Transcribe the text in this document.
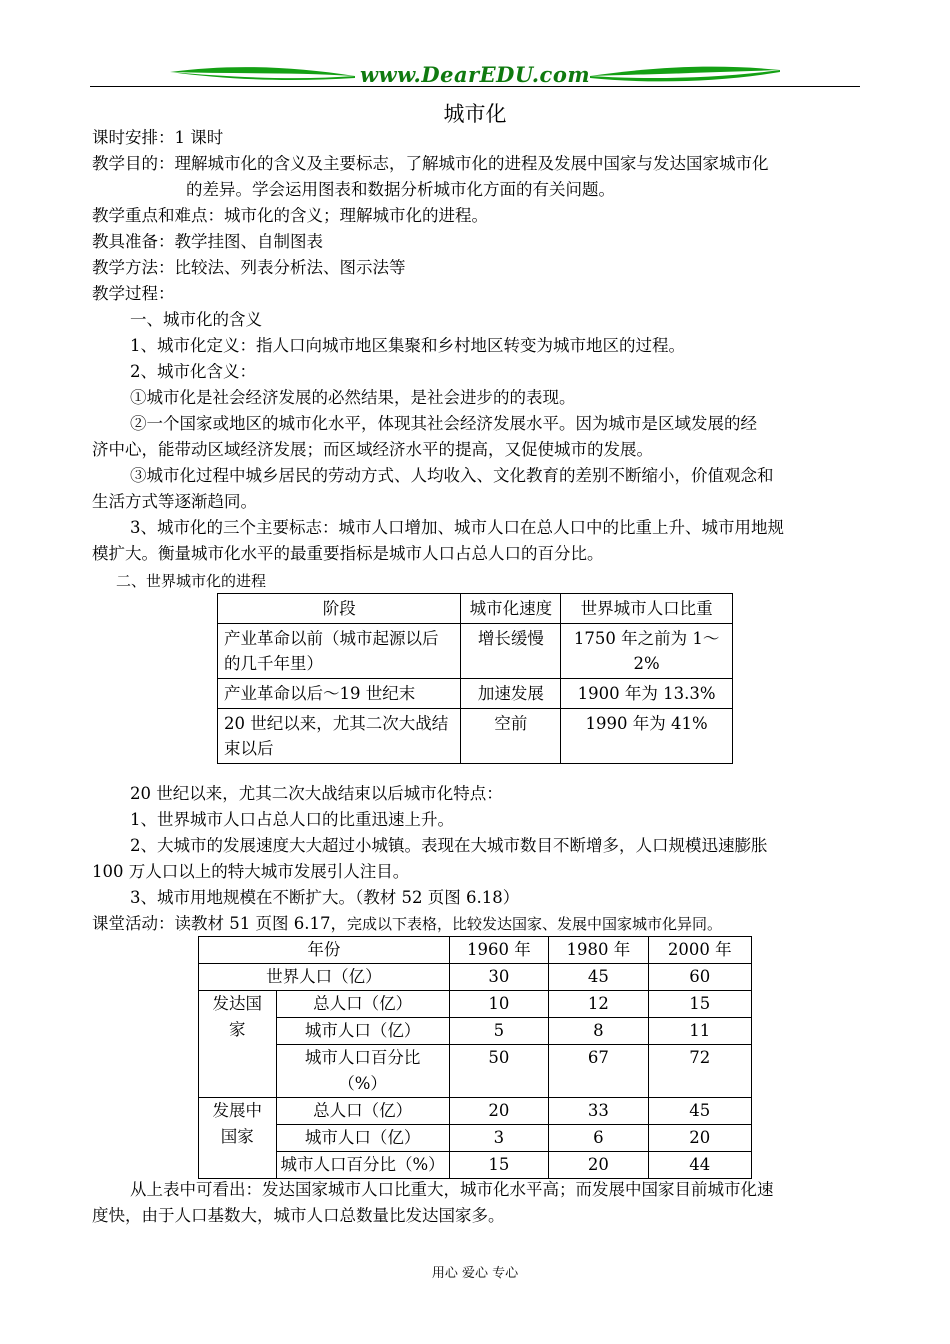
www.DearEDU.com
城市化
课时安排：1 课时
教学目的：理解城市化的含义及主要标志，了解城市化的进程及发展中国家与发达国家城市化
的差异。学会运用图表和数据分析城市化方面的有关问题。
教学重点和难点：城市化的含义；理解城市化的进程。
教具准备：教学挂图、自制图表
教学方法：比较法、列表分析法、图示法等
教学过程：
一、城市化的含义
1、城市化定义：指人口向城市地区集聚和乡村地区转变为城市地区的过程。
2、城市化含义：
①城市化是社会经济发展的必然结果，是社会进步的的表现。
②一个国家或地区的城市化水平，体现其社会经济发展水平。因为城市是区域发展的经
济中心，能带动区域经济发展；而区域经济水平的提高，又促使城市的发展。
③城市化过程中城乡居民的劳动方式、人均收入、文化教育的差别不断缩小，价值观念和
生活方式等逐渐趋同。
3、城市化的三个主要标志：城市人口增加、城市人口在总人口中的比重上升、城市用地规
模扩大。衡量城市化水平的最重要指标是城市人口占总人口的百分比。
二、世界城市化的进程
阶段	城市化速度	世界城市人口比重
产业革命以前（城市起源以后的几千年里）	增长缓慢	1750 年之前为 1～2%
产业革命以后～19 世纪末	加速发展	1900 年为 13.3%
20 世纪以来，尤其二次大战结束以后	空前	1990 年为 41%
20 世纪以来，尤其二次大战结束以后城市化特点：
1、世界城市人口占总人口的比重迅速上升。
2、大城市的发展速度大大超过小城镇。表现在大城市数目不断增多，人口规模迅速膨胀
100 万人口以上的特大城市发展引人注目。
3、城市用地规模在不断扩大。（教材 52 页图 6.18）
课堂活动：读教材 51 页图 6.17，完成以下表格，比较发达国家、发展中国家城市化异同。
年份		1960 年	1980 年	2000 年
世界人口（亿）		30	45	60
发达国家	总人口（亿）	10	12	15
	城市人口（亿）	5	8	11
	城市人口百分比（%）	50	67	72
发展中国家	总人口（亿）	20	33	45
	城市人口（亿）	3	6	20
	城市人口百分比（%）	15	20	44
从上表中可看出：发达国家城市人口比重大，城市化水平高；而发展中国家目前城市化速
度快，由于人口基数大，城市人口总数量比发达国家多。
用心 爱心 专心
